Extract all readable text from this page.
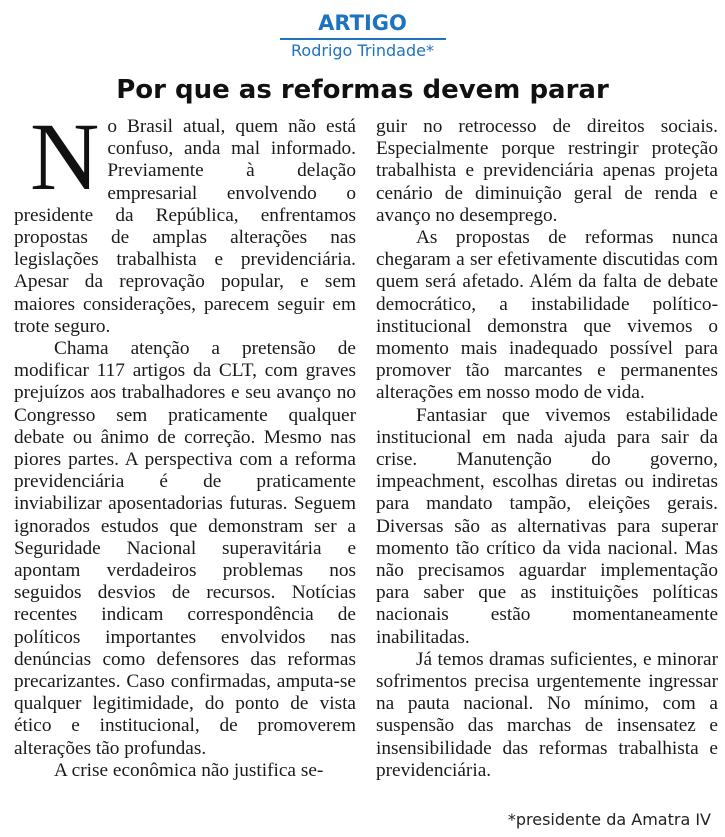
ARTIGO
Rodrigo Trindade*
Por que as reformas devem parar
N o Brasil atual, quem não está confuso, anda mal informado. Previamente à delação empresarial envolvendo o presidente da República, enfrentamos propostas de amplas alterações nas legislações trabalhista e previdenciária. Apesar da reprovação popular, e sem maiores considerações, parecem seguir em trote seguro.

Chama atenção a pretensão de modificar 117 artigos da CLT, com graves prejuízos aos trabalhadores e seu avanço no Congresso sem praticamente qualquer debate ou ânimo de correção. Mesmo nas piores partes. A perspectiva com a reforma previdenciária é de praticamente inviabilizar aposentadorias futuras. Seguem ignorados estudos que demonstram ser a Seguridade Nacional superavitária e apontam verdadeiros problemas nos seguidos desvios de recursos. Notícias recentes indicam correspondência de políticos importantes envolvidos nas denúncias como defensores das reformas precarizantes. Caso confirmadas, amputa-se qualquer legitimidade, do ponto de vista ético e institucional, de promoverem alterações tão profundas.

A crise econômica não justifica se-

guir no retrocesso de direitos sociais. Especialmente porque restringir proteção trabalhista e previdenciária apenas projeta cenário de diminuição geral de renda e avanço no desemprego.

As propostas de reformas nunca chegaram a ser efetivamente discutidas com quem será afetado. Além da falta de debate democrático, a instabilidade político-institucional demonstra que vivemos o momento mais inadequado possível para promover tão marcantes e permanentes alterações em nosso modo de vida.

Fantasiar que vivemos estabilidade institucional em nada ajuda para sair da crise. Manutenção do governo, impeachment, escolhas diretas ou indiretas para mandato tampão, eleições gerais. Diversas são as alternativas para superar momento tão crítico da vida nacional. Mas não precisamos aguardar implementação para saber que as instituições políticas nacionais estão momentaneamente inabilitadas.

Já temos dramas suficientes, e minorar sofrimentos precisa urgentemente ingressar na pauta nacional. No mínimo, com a suspensão das marchas de insensatez e insensibilidade das reformas trabalhista e previdenciária.

*presidente da Amatra IV
